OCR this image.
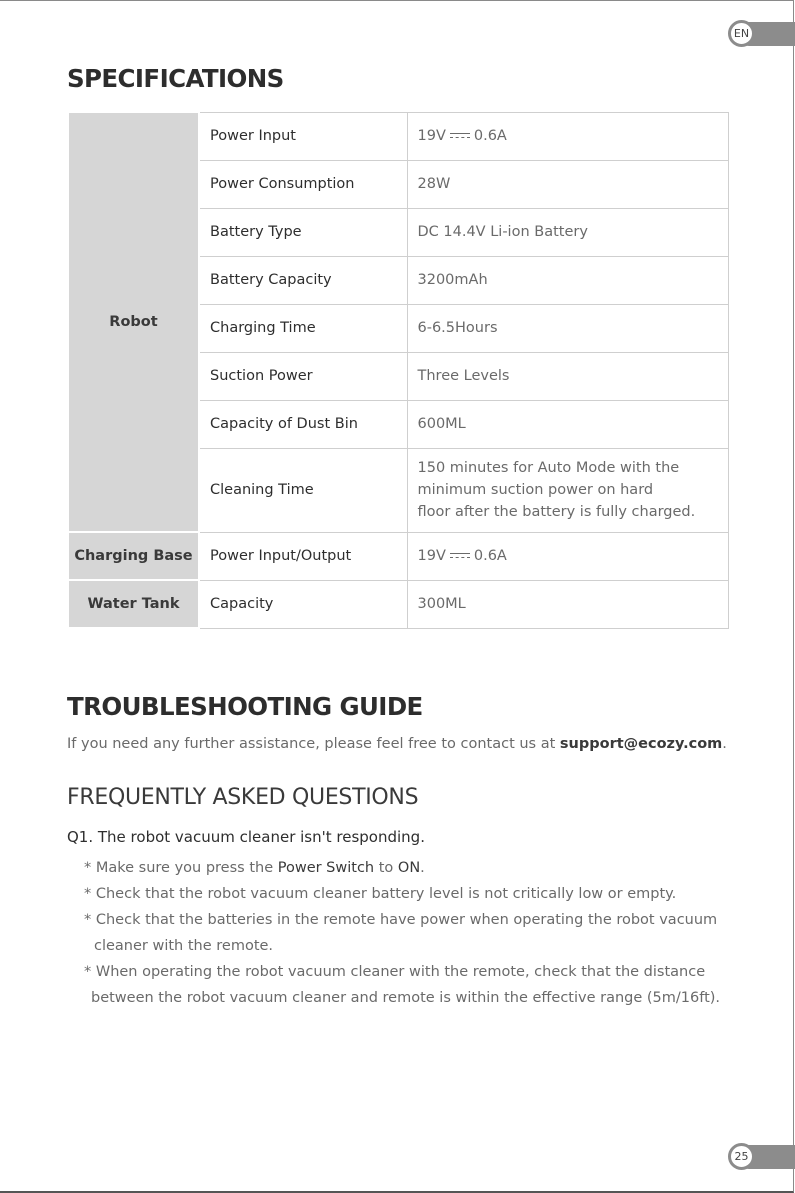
EN
SPECIFICATIONS
Robot	Power Input	19V 0.6A
	Power Consumption	28W
	Battery Type	DC 14.4V Li-ion Battery
	Battery Capacity	3200mAh
	Charging Time	6-6.5Hours
	Suction Power	Three Levels
	Capacity of Dust Bin	600ML
	Cleaning Time	150 minutes for Auto Mode with the
minimum suction power on hard
floor after the battery is fully charged.

Charging Base	Power Input/Output	19V 0.6A
Water Tank	Capacity	300ML
TROUBLESHOOTING GUIDE

If you need any further assistance, please feel free to contact us at support@ecozy.com.

FREQUENTLY ASKED QUESTIONS

Q1. The robot vacuum cleaner isn't responding.

* Make sure you press the Power Switch to ON.

* Check that the robot vacuum cleaner battery level is not critically low or empty.

* Check that the batteries in the remote have power when operating the robot vacuum
cleaner with the remote.

* When operating the robot vacuum cleaner with the remote, check that the distance
between the robot vacuum cleaner and remote is within the effective range (5m/16ft).

25
